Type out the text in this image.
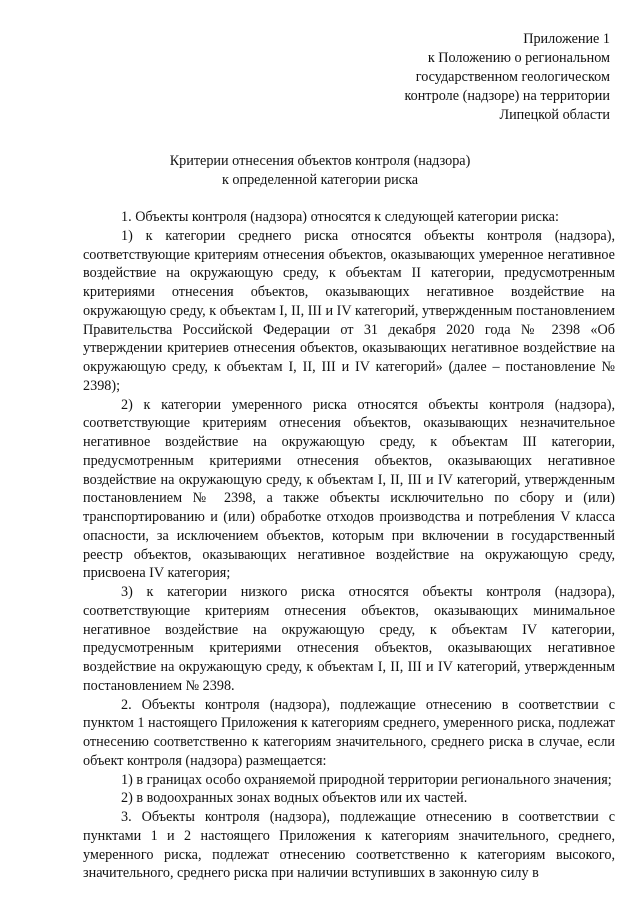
Приложение 1
к Положению о региональном
государственном геологическом
контроле (надзоре) на территории
Липецкой области
Критерии отнесения объектов контроля (надзора)
к определенной категории риска

1. Объекты контроля (надзора) относятся к следующей категории риска:

1) к категории среднего риска относятся объекты контроля (надзора), соответствующие критериям отнесения объектов, оказывающих умеренное негативное воздействие на окружающую среду, к объектам II категории, предусмотренным критериями отнесения объектов, оказывающих негативное воздействие на окружающую среду, к объектам I, II, III и IV категорий, утвержденным постановлением Правительства Российской Федерации от 31 декабря 2020 года № 2398 «Об утверждении критериев отнесения объектов, оказывающих негативное воздействие на окружающую среду, к объектам I, II, III и IV категорий» (далее – постановление № 2398);

2) к категории умеренного риска относятся объекты контроля (надзора), соответствующие критериям отнесения объектов, оказывающих незначительное негативное воздействие на окружающую среду, к объектам III категории, предусмотренным критериями отнесения объектов, оказывающих негативное воздействие на окружающую среду, к объектам I, II, III и IV категорий, утвержденным постановлением № 2398, а также объекты исключительно по сбору и (или) транспортированию и (или) обработке отходов производства и потребления V класса опасности, за исключением объектов, которым при включении в государственный реестр объектов, оказывающих негативное воздействие на окружающую среду, присвоена IV категория;

3) к категории низкого риска относятся объекты контроля (надзора), соответствующие критериям отнесения объектов, оказывающих минимальное негативное воздействие на окружающую среду, к объектам IV категории, предусмотренным критериями отнесения объектов, оказывающих негативное воздействие на окружающую среду, к объектам I, II, III и IV категорий, утвержденным постановлением № 2398.

2. Объекты контроля (надзора), подлежащие отнесению в соответствии с пунктом 1 настоящего Приложения к категориям среднего, умеренного риска, подлежат отнесению соответственно к категориям значительного, среднего риска в случае, если объект контроля (надзора) размещается:

1) в границах особо охраняемой природной территории регионального значения;

2) в водоохранных зонах водных объектов или их частей.

3. Объекты контроля (надзора), подлежащие отнесению в соответствии с пунктами 1 и 2 настоящего Приложения к категориям значительного, среднего, умеренного риска, подлежат отнесению соответственно к категориям высокого, значительного, среднего риска при наличии вступивших в законную силу в
